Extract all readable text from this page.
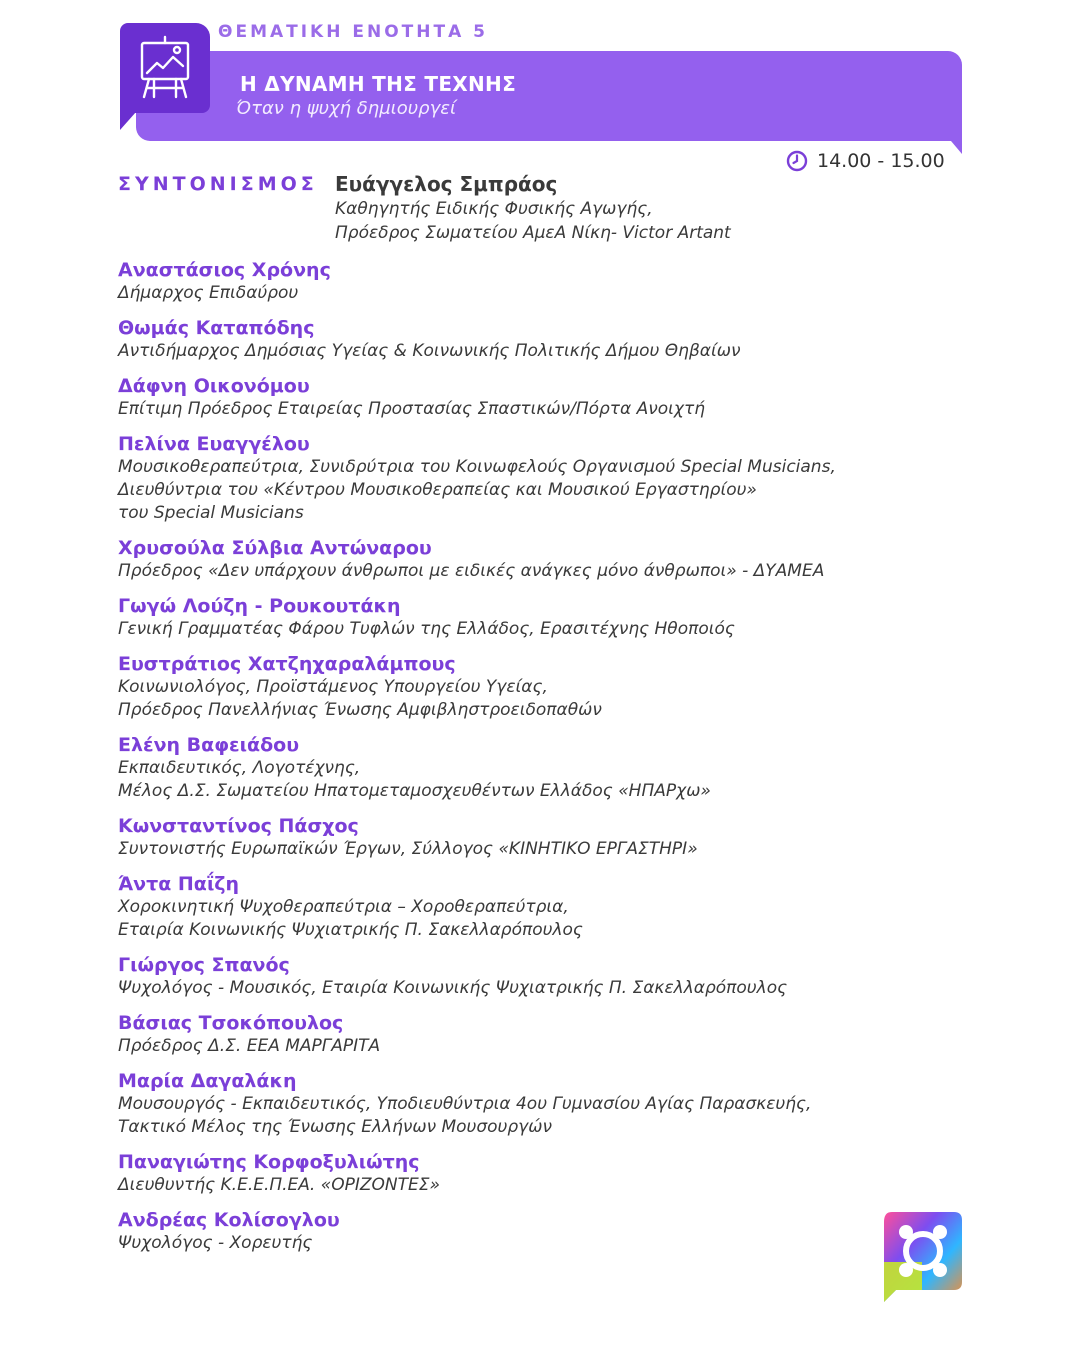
ΘΕΜΑΤΙΚΗ ΕΝΟΤΗΤΑ 5
Η ΔΥΝΑΜΗ ΤΗΣ ΤΕΧΝΗΣ
Όταν η ψυχή δημιουργεί
14.00 - 15.00
ΣΥΝΤΟΝΙΣΜΟΣ Ευάγγελος Σμπράος
Καθηγητής Ειδικής Φυσικής Αγωγής,
Πρόεδρος Σωματείου ΑμεΑ Νίκη- Victor Artant
Αναστάσιος Χρόνης
Δήμαρχος Επιδαύρου
Θωμάς Καταπόδης
Αντιδήμαρχος Δημόσιας Υγείας & Κοινωνικής Πολιτικής Δήμου Θηβαίων
Δάφνη Οικονόμου
Επίτιμη Πρόεδρος Εταιρείας Προστασίας Σπαστικών/Πόρτα Ανοιχτή
Πελίνα Ευαγγέλου
Μουσικοθεραπεύτρια, Συνιδρύτρια του Κοινωφελούς Οργανισμού Special Musicians,
Διευθύντρια του «Κέντρου Μουσικοθεραπείας και Μουσικού Εργαστηρίου»
του Special Musicians
Χρυσούλα Σύλβια Αντώναρου
Πρόεδρος «Δεν υπάρχουν άνθρωποι με ειδικές ανάγκες μόνο άνθρωποι» - ΔΥΑΜΕΑ
Γωγώ Λούζη - Ρουκουτάκη
Γενική Γραμματέας Φάρου Τυφλών της Ελλάδος, Ερασιτέχνης Ηθοποιός
Ευστράτιος Χατζηχαραλάμπους
Κοινωνιολόγος, Προϊστάμενος Υπουργείου Υγείας,
Πρόεδρος Πανελλήνιας Ένωσης Αμφιβληστροειδοπαθών
Ελένη Βαφειάδου
Εκπαιδευτικός, Λογοτέχνης,
Μέλος Δ.Σ. Σωματείου Ηπατομεταμοσχευθέντων Ελλάδος «ΗΠΑΡχω»
Κωνσταντίνος Πάσχος
Συντονιστής Ευρωπαϊκών Έργων, Σύλλογος «ΚΙΝΗΤΙΚΟ ΕΡΓΑΣΤΗΡΙ»
Άντα Παΐζη
Χοροκινητική Ψυχοθεραπεύτρια – Χοροθεραπεύτρια,
Εταιρία Κοινωνικής Ψυχιατρικής Π. Σακελλαρόπουλος
Γιώργος Σπανός
Ψυχολόγος - Μουσικός, Εταιρία Κοινωνικής Ψυχιατρικής Π. Σακελλαρόπουλος
Βάσιας Τσοκόπουλος
Πρόεδρος Δ.Σ. ΕΕΑ ΜΑΡΓΑΡΙΤΑ
Μαρία Δαγαλάκη
Μουσουργός - Εκπαιδευτικός, Υποδιευθύντρια 4ου Γυμνασίου Αγίας Παρασκευής,
Τακτικό Μέλος της Ένωσης Ελλήνων Μουσουργών
Παναγιώτης Κορφοξυλιώτης
Διευθυντής Κ.Ε.Ε.Π.ΕΑ. «ΟΡΙΖΟΝΤΕΣ»
Ανδρέας Κολίσογλου
Ψυχολόγος - Χορευτής
